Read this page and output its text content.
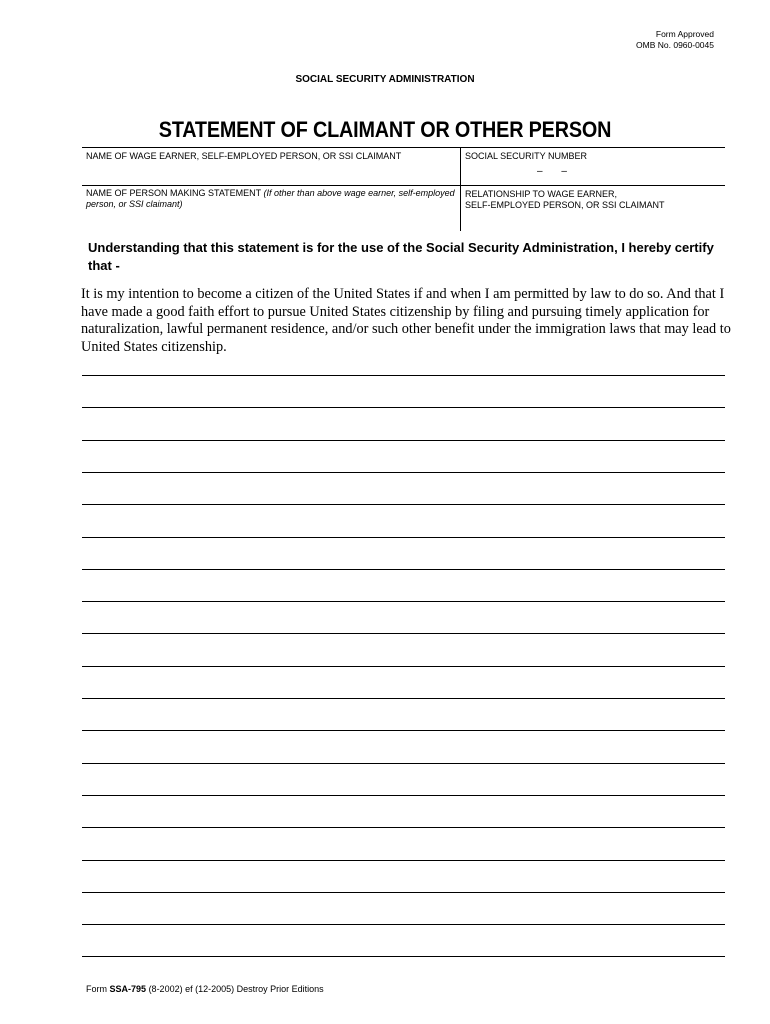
Form Approved
OMB No. 0960-0045
SOCIAL SECURITY ADMINISTRATION
STATEMENT OF CLAIMANT OR OTHER PERSON
NAME OF WAGE EARNER, SELF-EMPLOYED PERSON, OR SSI CLAIMANT	SOCIAL SECURITY NUMBER
– –
NAME OF PERSON MAKING STATEMENT (If other than above wage earner, self-employed person, or SSI claimant)
RELATIONSHIP TO WAGE EARNER,
SELF-EMPLOYED PERSON, OR SSI CLAIMANT
Understanding that this statement is for the use of the Social Security Administration, I hereby certify that -
It is my intention to become a citizen of the United States if and when I am permitted by law to do so. And that I have made a good faith effort to pursue United States citizenship by filing and pursuing timely application for naturalization, lawful permanent residence, and/or such other benefit under the immigration laws that may lead to United States citizenship.
Form SSA-795 (8-2002) ef (12-2005) Destroy Prior Editions
